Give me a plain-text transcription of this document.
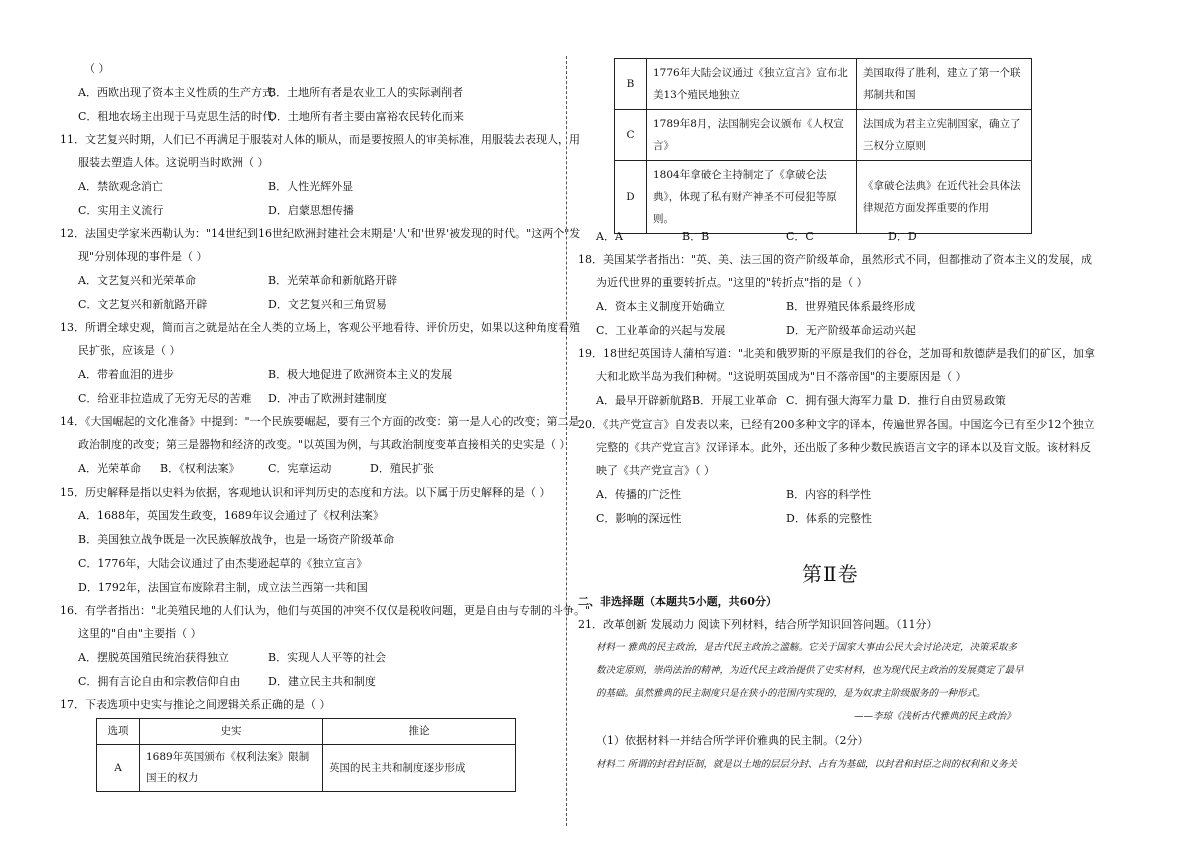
（ ）
A．西欧出现了资本主义性质的生产方式
B．土地所有者是农业工人的实际剥削者
C．租地农场主出现于马克思生活的时代
D．土地所有者主要由富裕农民转化而来
11．文艺复兴时期，人们已不再满足于服装对人体的顺从，而是要按照人的审美标准，用服装去表现人，用
服装去塑造人体。这说明当时欧洲（ ）
A．禁欲观念消亡	B．人性光辉外显
C．实用主义流行	D．启蒙思想传播
12．法国史学家米西勒认为："14世纪到16世纪欧洲封建社会末期是'人'和'世界'被发现的时代。"这两个"发
现"分别体现的事件是（ ）
A．文艺复兴和光荣革命	B．光荣革命和新航路开辟
C．文艺复兴和新航路开辟	D．文艺复兴和三角贸易
13．所谓全球史观，简而言之就是站在全人类的立场上，客观公平地看待、评价历史，如果以这种角度看殖
民扩张，应该是（ ）
A．带着血泪的进步	B．极大地促进了欧洲资本主义的发展
C．给亚非拉造成了无穷无尽的苦难 D．冲击了欧洲封建制度
14．《大国崛起的文化准备》中提到："一个民族要崛起，要有三个方面的改变：第一是人心的改变；第二是
政治制度的改变；第三是器物和经济的改变。"以英国为例，与其政治制度变革直接相关的史实是（ ）
A．光荣革命 B．《权利法案》	C．宪章运动	D．殖民扩张
15．历史解释是指以史料为依据，客观地认识和评判历史的态度和方法。以下属于历史解释的是（ ）
A．1688年，英国发生政变，1689年议会通过了《权利法案》
B．美国独立战争既是一次民族解放战争，也是一场资产阶级革命
C．1776年，大陆会议通过了由杰斐逊起草的《独立宣言》
D．1792年，法国宣布废除君主制，成立法兰西第一共和国
16．有学者指出："北美殖民地的人们认为，他们与英国的冲突不仅仅是税收问题，更是自由与专制的斗争。"
这里的"自由"主要指（ ）
A．摆脱英国殖民统治获得独立	B．实现人人平等的社会
C．拥有言论自由和宗教信仰自由	D．建立民主共和制度
17．下表选项中史实与推论之间逻辑关系正确的是（ ）
选项	史实	推论
A	1689年英国颁布《权利法案》限制国王的权力	英国的民主共和制度逐步形成
B	1776年大陆会议通过《独立宣言》宣布北美13个殖民地独立	美国取得了胜利，建立了第一个联邦制共和国
C	1789年8月，法国制宪会议颁布《人权宣言》	法国成为君主立宪制国家，确立了三权分立原则
D	1804年拿破仑主持制定了《拿破仑法典》，体现了私有财产神圣不可侵犯等原则。	《拿破仑法典》在近代社会具体法律规范方面发挥重要的作用
A．A	B．B	C．C	D．D
18．美国某学者指出："英、美、法三国的资产阶级革命，虽然形式不同，但都推动了资本主义的发展，成
为近代世界的重要转折点。"这里的"转折点"指的是（ ）
A．资本主义制度开始确立	B．世界殖民体系最终形成
C．工业革命的兴起与发展	D．无产阶级革命运动兴起
19．18世纪英国诗人蒲柏写道："北美和俄罗斯的平原是我们的谷仓，芝加哥和敖德萨是我们的矿区，加拿
大和北欧半岛为我们种树。"这说明英国成为"日不落帝国"的主要原因是（ ）
A．最早开辟新航路 B．开展工业革命 C．拥有强大海军力量 D．推行自由贸易政策
20．《共产党宣言》自发表以来，已经有200多种文字的译本，传遍世界各国。中国迄今已有至少12个独立
完整的《共产党宣言》汉译译本。此外，还出版了多种少数民族语言文字的译本以及盲文版。该材料反
映了《共产党宣言》（ ）
A．传播的广泛性	B．内容的科学性
C．影响的深远性	D．体系的完整性
第Ⅱ卷
二、非选择题（本题共5小题，共60分）
21．改革创新 发展动力 阅读下列材料，结合所学知识回答问题。（11分）
材料一 雅典的民主政治，是古代民主政治之滥觞。它关于国家大事由公民大会讨论决定，决策采取多
数决定原则，崇尚法治的精神，为近代民主政治提供了史实材料，也为现代民主政治的发展奠定了最早
的基础。虽然雅典的民主制度只是在狭小的范围内实现的，是为奴隶主阶级服务的一种形式。
——李琼《浅析古代雅典的民主政治》
（1）依据材料一并结合所学评价雅典的民主制。（2分）
材料二 所谓的封君封臣制，就是以土地的层层分封、占有为基础，以封君和封臣之间的权利和义务关
